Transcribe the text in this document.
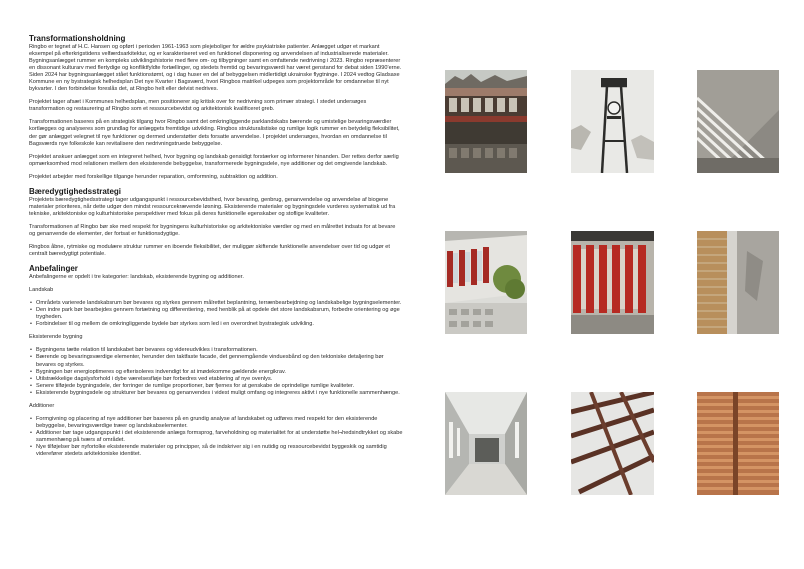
Transformationsholdning

Ringbo er tegnet af H.C. Hansen og opført i perioden 1961-1963 som plejeboliger for ældre psykiatriske patienter. Anlægget udgør et markant eksempel på efterkrigstidens velfærdsarkitektur, og er karakteriseret ved en funktionel disponering og anvendelsen af industrialiserede materialer. Bygningsanlægget rummer en kompleks udviklingshistorie med flere om- og tilbygninger samt en omfattende nedrivning i 2023. Ringbo repræsenterer en dissonant kulturarv med flertydige og konfliktfyldte fortællinger, og stedets fremtid og bevaringsværdi har været genstand for debat siden 1990'erne. Siden 2024 har bygningsanlægget stået funktionstømt, og i dag huser en del af bebyggelsen midlertidigt ukrainske flygtninge. I 2024 vedtog Gladsaxe Kommune en ny bystrategisk helhedsplan Det nye Kvarter i Bagsværd, hvori Ringbos matrikel udpeges som projektområde for omdannelse til nyt bykvarter. I den forbindelse foreslås det, at Ringbo helt eller delvist nedrives.

Projektet tager afsæt i Kommunes helhedsplan, men positionerer sig kritisk over for nedrivning som primær strategi. I stedet undersøges transformation og restaurering af Ringbo som et ressourcebevidst og arkitektonisk kvalificeret greb.

Transformationen baseres på en strategisk tilgang hvor Ringbo samt det omkringliggende parklandskabs bærende og umistelige bevaringsværdier kortlægges og analyseres som grundlag for anlæggets fremtidige udvikling. Ringbos strukturalistiske og rumlige logik rummer en betydelig fleksibilitet, der gør anlægget velegnet til nye funktioner og dermed understøtter dets forsatte anvendelse. I projektet undersøges, hvordan en omdannelse til Bagsværds nye folkeskole kan revitalisere den nedrivningstruede bebyggelse.

Projektet anskuer anlægget som en integreret helhed, hvor bygning og landskab gensidigt forstærker og informerer hinanden. Der rettes derfor særlig opmærksomhed mod relationen mellem den eksisterende bebyggelse, transformerede bygningsdele, nye additioner og det omgivende landskab.

Projektet arbejder med forskellige tilgange herunder reparation, omformning, subtraktion og addition.

Bæredygtighedsstrategi

Projektets bæredygtighedsstrategi tager udgangspunkt i ressourcebevidsthed, hvor bevaring, genbrug, genanvendelse og anvendelse af biogene materialer prioriteres, når dette udgør den mindst ressourcekrævende løsning. Eksisterende materialer og bygningsdele vurderes systematisk ud fra tekniske, arkitektoniske og kulturhistoriske perspektiver med fokus på deres funktionelle egenskaber og stoflige kvaliteter.

Transformationen af Ringbo bør ske med respekt for bygningens kulturhistoriske og arkitektoniske værdier og med en målrettet indsats for at bevare og genanvende de elementer, der fortsat er funktionsdygtige.

Ringbos åbne, rytmiske og modulære struktur rummer en iboende fleksibilitet, der muliggør skiftende funktionelle anvendelser over tid og udgør et centralt bæredygtigt potentiale.

Anbefalinger

Anbefalingerne er opdelt i tre kategorier: landskab, eksisterende bygning og additioner.

Landskab

• Områdets varierede landskabsrum bør bevares og styrkes gennem målrettet beplantning, terrænbearbejdning og landskabelige bygningselementer.
• Den indre park bør bearbejdes gennem fortætning og differentiering, med henblik på at opdele det store landskabsrum, forbedre orientering og øge trygheden.
• Forbindelser til og mellem de omkringliggende bydele bør styrkes som led i en overordnet bystrategisk udvikling.

Eksisterende bygning

• Bygningens tætte relation til landskabet bør bevares og videreudvikles i transformationen.
• Bærende og bevaringsværdige elementer, herunder den taktfaste facade, det gennemgående vinduesbånd og den tektoniske detaljering bør bevares og styrkes.
• Bygningen bør energioptimeres og efterisoleres indvendigt for at imødekomme gældende energikrav.
• Utilstrækkelige dagslysforhold i dybe værelsesfløje bør forbedres ved etablering af nye ovenlys.
• Senere tilføjede bygningsdele, der forringer de rumlige proportioner, bør fjernes for at genskabe de oprindelige rumlige kvaliteter.
• Eksisterende bygningsdele og strukturer bør bevares og genanvendes i videst muligt omfang og integreres aktivt i nye funktionelle sammenhænge.

Additioner

• Formgivning og placering af nye additioner bør baseres på en grundig analyse af landskabet og udføres med respekt for den eksisterende bebyggelse, bevaringsværdige træer og landskabselementer.
• Additioner bør tage udgangspunkt i det eksisterende anlægs formsprog, farveholdning og materialitet for at understøtte hel¬hedsindtrykket og skabe sammenhæng på tværs af området.
• Nye tilføjelser bør nyfortolke eksisterende materialer og principper, så de indskriver sig i en nutidig og ressourcebevidst byggeskik og samtidig viderefører stedets arkitektoniske identitet.
